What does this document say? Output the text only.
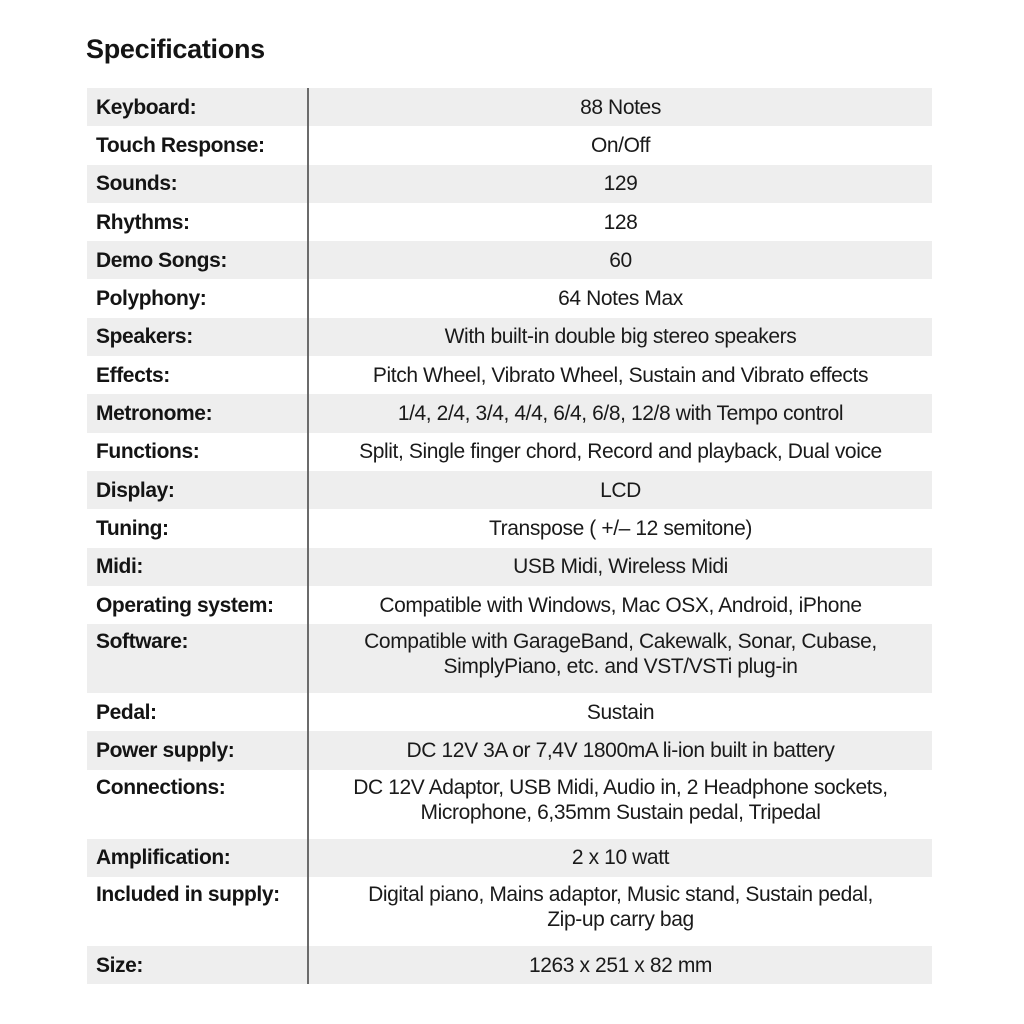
Specifications
Keyboard:	88 Notes
Touch Response:	On/Off
Sounds:	129
Rhythms:	128
Demo Songs:	60
Polyphony:	64 Notes Max
Speakers:	With built-in double big stereo speakers
Effects:	Pitch Wheel, Vibrato Wheel, Sustain and Vibrato effects
Metronome:	1/4, 2/4, 3/4, 4/4, 6/4, 6/8, 12/8 with Tempo control
Functions:	Split, Single finger chord, Record and playback, Dual voice
Display:	LCD
Tuning:	Transpose ( +/– 12 semitone)
Midi:	USB Midi, Wireless Midi
Operating system:	Compatible with Windows, Mac OSX, Android, iPhone
Software:	Compatible with GarageBand, Cakewalk, Sonar, Cubase,
SimplyPiano, etc. and VST/VSTi plug-in

Pedal:	Sustain
Power supply:	DC 12V 3A or 7,4V 1800mA li-ion built in battery
Connections:	DC 12V Adaptor, USB Midi, Audio in, 2 Headphone sockets,
Microphone, 6,35mm Sustain pedal, Tripedal

Amplification:	2 x 10 watt
Included in supply:	Digital piano, Mains adaptor, Music stand, Sustain pedal,
Zip-up carry bag

Size:	1263 x 251 x 82 mm
